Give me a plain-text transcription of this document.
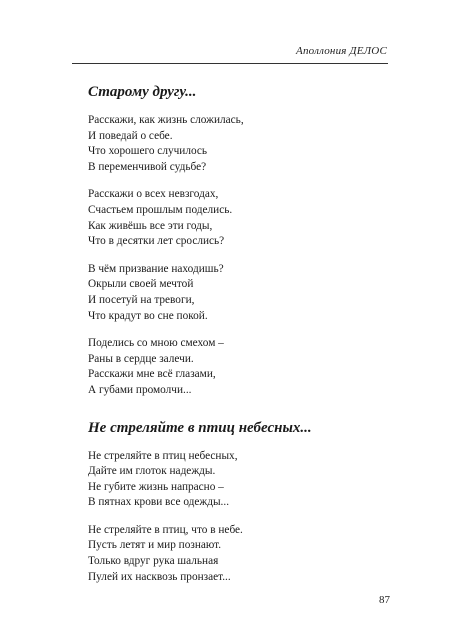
Аполлония ДЕЛОС
Старому другу...
Расскажи, как жизнь сложилась,
И поведай о себе.
Что хорошего случилось
В переменчивой судьбе?
Расскажи о всех невзгодах,
Счастьем прошлым поделись.
Как живёшь все эти годы,
Что в десятки лет срослись?
В чём призвание находишь?
Окрыли своей мечтой
И посетуй на тревоги,
Что крадут во сне покой.
Поделись со мною смехом –
Раны в сердце залечи.
Расскажи мне всё глазами,
А губами промолчи...
Не стреляйте в птиц небесных...
Не стреляйте в птиц небесных,
Дайте им глоток надежды.
Не губите жизнь напрасно –
В пятнах крови все одежды...
Не стреляйте в птиц, что в небе.
Пусть летят и мир познают.
Только вдруг рука шальная
Пулей их насквозь пронзает...
87
